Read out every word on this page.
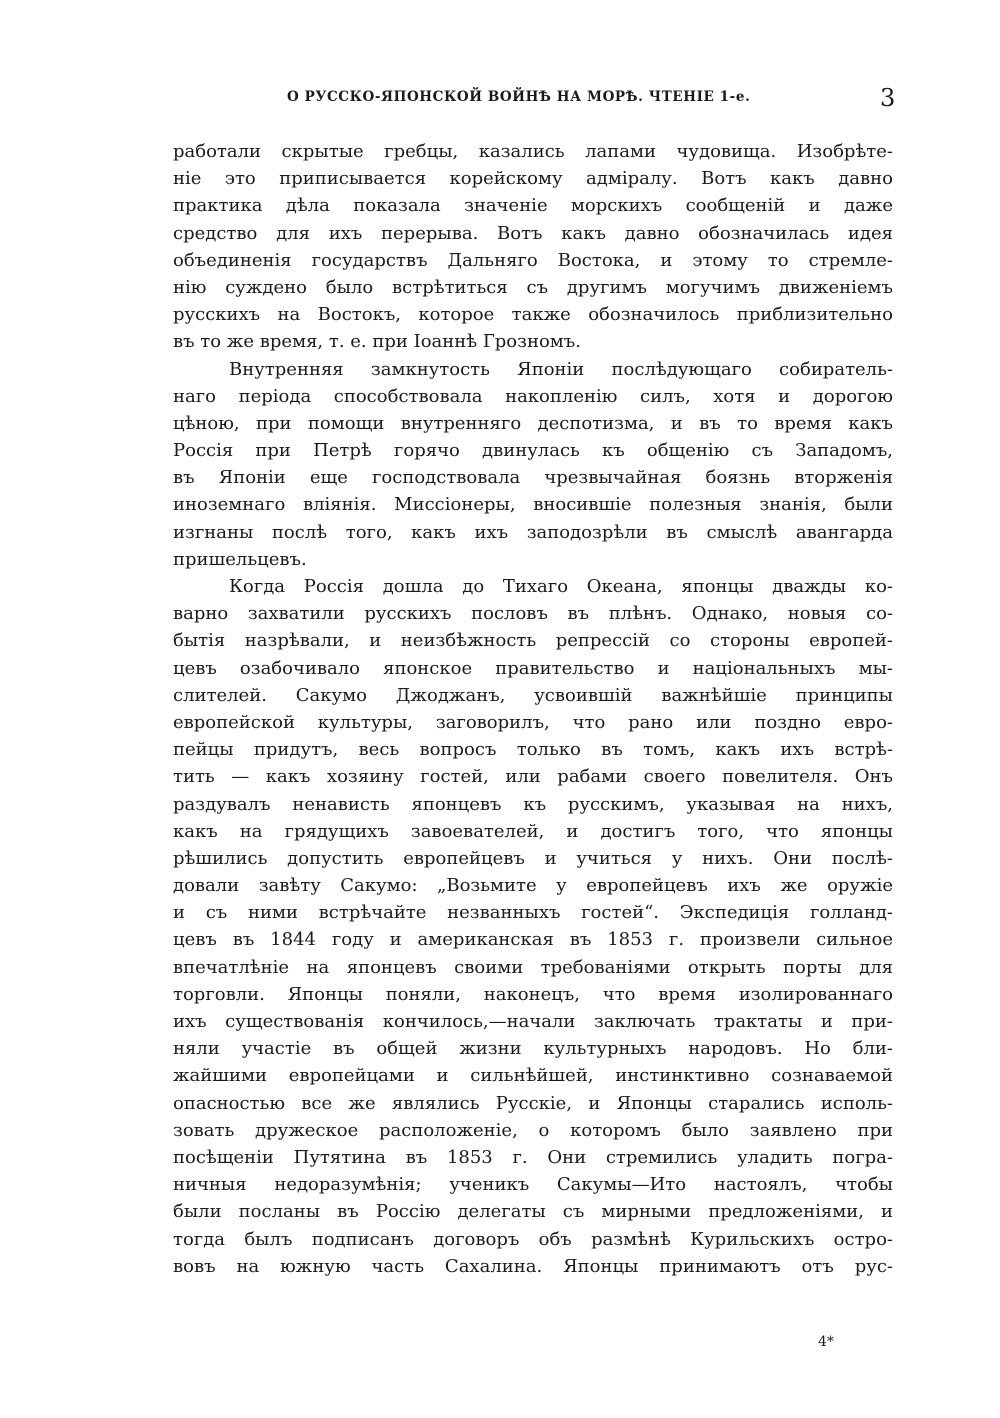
О РУССКО-ЯПОНСКОЙ ВОЙНѢ НА МОРѢ. ЧТЕНІЕ 1-е.	3
работали скрытые гребцы, казались лапами чудовища. Изобрѣте-
ніе это приписывается корейскому адміралу. Вотъ какъ давно
практика дѣла показала значеніе морскихъ сообщеній и даже
средство для ихъ перерыва. Вотъ какъ давно обозначилась идея
объединенія государствъ Дальняго Востока, и этому то стремле-
нію суждено было встрѣтиться съ другимъ могучимъ движеніемъ
русскихъ на Востокъ, которое также обозначилось приблизительно
въ то же время, т. е. при Іоаннѣ Грозномъ.
Внутренняя замкнутость Японіи послѣдующаго собиратель-
наго періода способствовала накопленію силъ, хотя и дорогою
цѣною, при помощи внутренняго деспотизма, и въ то время какъ
Россія при Петрѣ горячо двинулась къ общенію съ Западомъ,
въ Японіи еще господствовала чрезвычайная боязнь вторженія
иноземнаго вліянія. Миссіонеры, вносившіе полезныя знанія, были
изгнаны послѣ того, какъ ихъ заподозрѣли въ смыслѣ авангарда
пришельцевъ.
Когда Россія дошла до Тихаго Океана, японцы дважды ко-
варно захватили русскихъ пословъ въ плѣнъ. Однако, новыя со-
бытія назрѣвали, и неизбѣжность репрессій со стороны европей-
цевъ озабочивало японское правительство и національныхъ мы-
слителей. Сакумо Джоджанъ, усвоившій важнѣйшіе принципы
европейской культуры, заговорилъ, что рано или поздно евро-
пейцы придутъ, весь вопросъ только въ томъ, какъ ихъ встрѣ-
тить — какъ хозяину гостей, или рабами своего повелителя. Онъ
раздувалъ ненависть японцевъ къ русскимъ, указывая на нихъ,
какъ на грядущихъ завоевателей, и достигъ того, что японцы
рѣшились допустить европейцевъ и учиться у нихъ. Они послѣ-
довали завѣту Сакумо: „Возьмите у европейцевъ ихъ же оружіе
и съ ними встрѣчайте незванныхъ гостей“. Экспедиція голланд-
цевъ въ 1844 году и американская въ 1853 г. произвели сильное
впечатлѣніе на японцевъ своими требованіями открыть порты для
торговли. Японцы поняли, наконецъ, что время изолированнаго
ихъ существованія кончилось,—начали заключать трактаты и при-
няли участіе въ общей жизни культурныхъ народовъ. Но бли-
жайшими европейцами и сильнѣйшей, инстинктивно сознаваемой
опасностью все же являлись Русскіе, и Японцы старались исполь-
зовать дружеское расположеніе, о которомъ было заявлено при
посѣщеніи Путятина въ 1853 г. Они стремились уладить погра-
ничныя недоразумѣнія; ученикъ Сакумы—Ито настоялъ, чтобы
были посланы въ Россію делегаты съ мирными предложеніями, и
тогда былъ подписанъ договоръ объ размѣнѣ Курильскихъ остро-
вовъ на южную часть Сахалина. Японцы принимаютъ отъ рус-
4*
